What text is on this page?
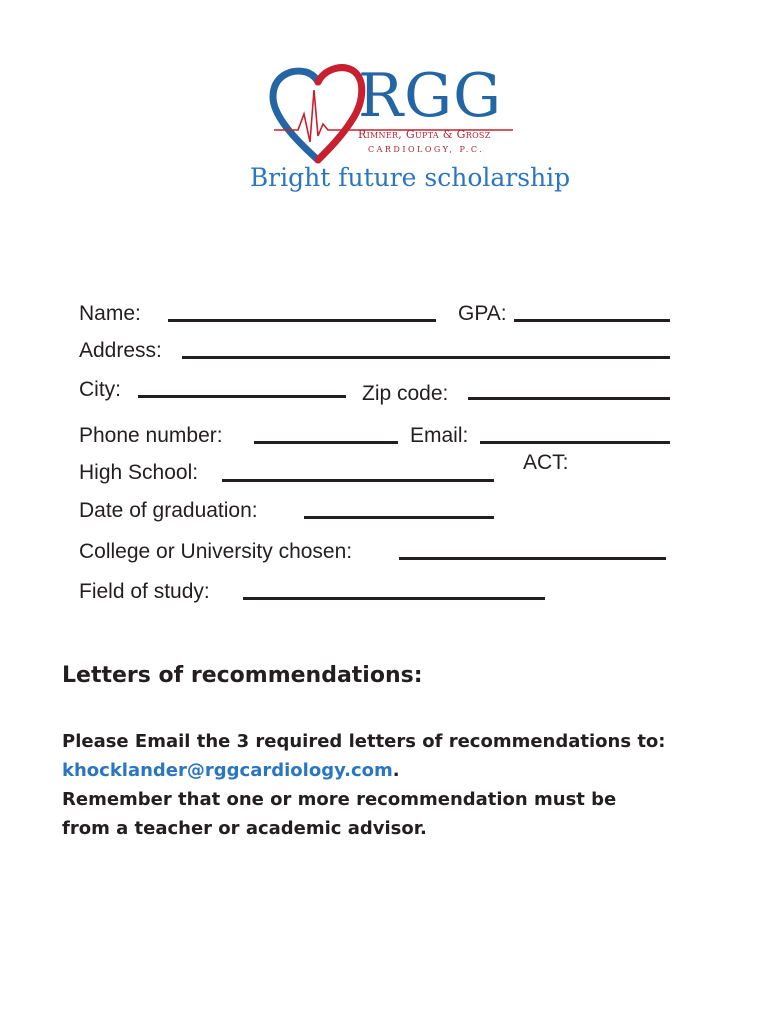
RGG
Rimner, Gupta & Grosz
CARDIOLOGY, P.C.
Bright future scholarship
Name:	GPA:
Address:
City:	Zip code:
Phone number:	Email:
ACT:
High School:
Date of graduation:
College or University chosen:
Field of study:
Letters of recommendations:
Please Email the 3 required letters of recommendations to:
khocklander@rggcardiology.com.
Remember that one or more recommendation must be
from a teacher or academic advisor.
